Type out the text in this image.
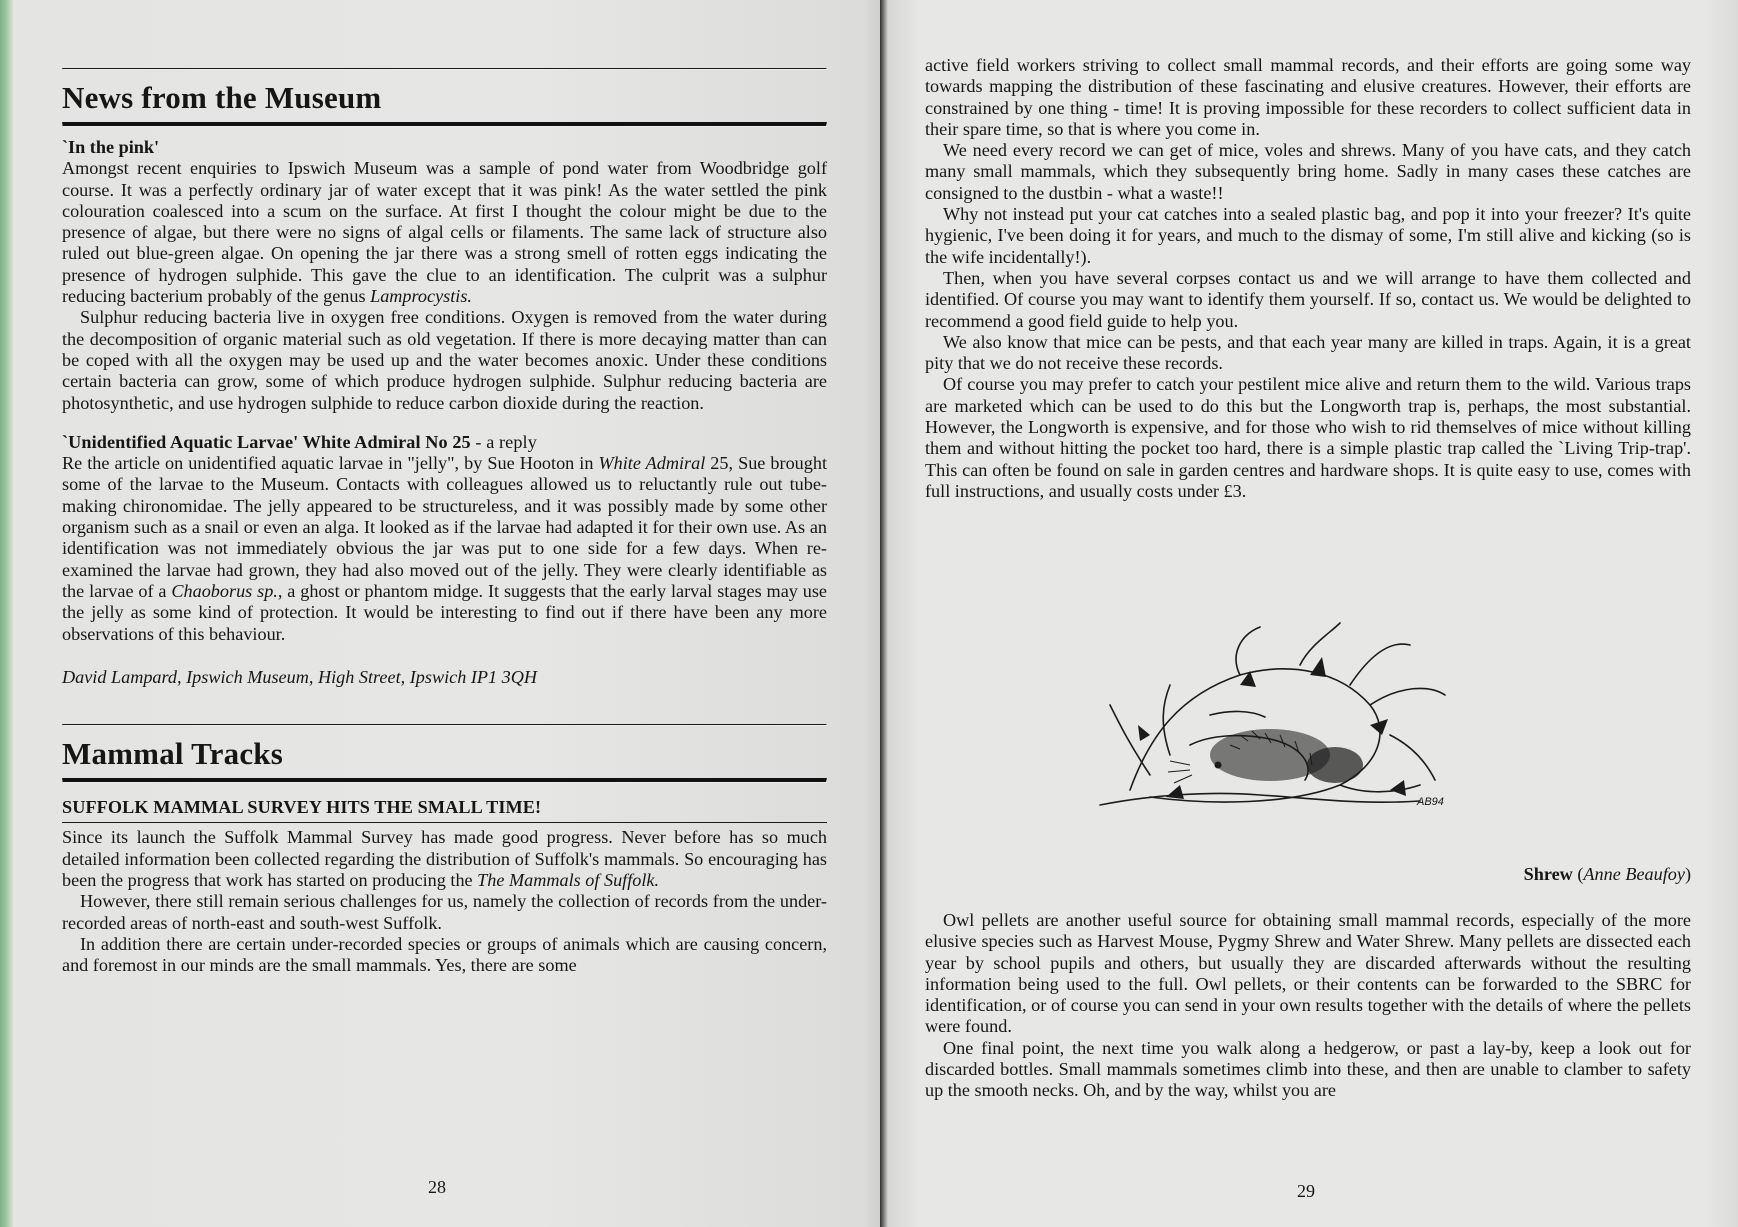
News from the Museum
`In the pink'

Amongst recent enquiries to Ipswich Museum was a sample of pond water from Woodbridge golf course. It was a perfectly ordinary jar of water except that it was pink! As the water settled the pink colouration coalesced into a scum on the surface. At first I thought the colour might be due to the presence of algae, but there were no signs of algal cells or filaments. The same lack of structure also ruled out blue-green algae. On opening the jar there was a strong smell of rotten eggs indicating the presence of hydrogen sulphide. This gave the clue to an identification. The culprit was a sulphur reducing bacterium probably of the genus Lamprocystis.

Sulphur reducing bacteria live in oxygen free conditions. Oxygen is removed from the water during the decomposition of organic material such as old vegetation. If there is more decaying matter than can be coped with all the oxygen may be used up and the water becomes anoxic. Under these conditions certain bacteria can grow, some of which produce hydrogen sulphide. Sulphur reducing bacteria are photosynthetic, and use hydrogen sulphide to reduce carbon dioxide during the reaction.

`Unidentified Aquatic Larvae' White Admiral No 25 - a reply

Re the article on unidentified aquatic larvae in "jelly", by Sue Hooton in White Admiral 25, Sue brought some of the larvae to the Museum. Contacts with colleagues allowed us to reluctantly rule out tube-making chironomidae. The jelly appeared to be structureless, and it was possibly made by some other organism such as a snail or even an alga. It looked as if the larvae had adapted it for their own use. As an identification was not immediately obvious the jar was put to one side for a few days. When re-examined the larvae had grown, they had also moved out of the jelly. They were clearly identifiable as the larvae of a Chaoborus sp., a ghost or phantom midge. It suggests that the early larval stages may use the jelly as some kind of protection. It would be interesting to find out if there have been any more observations of this behaviour.

David Lampard, Ipswich Museum, High Street, Ipswich IP1 3QH

Mammal Tracks
SUFFOLK MAMMAL SURVEY HITS THE SMALL TIME!

Since its launch the Suffolk Mammal Survey has made good progress. Never before has so much detailed information been collected regarding the distribution of Suffolk's mammals. So encouraging has been the progress that work has started on producing the The Mammals of Suffolk.

However, there still remain serious challenges for us, namely the collection of records from the under-recorded areas of north-east and south-west Suffolk.

In addition there are certain under-recorded species or groups of animals which are causing concern, and foremost in our minds are the small mammals. Yes, there are some

28

active field workers striving to collect small mammal records, and their efforts are going some way towards mapping the distribution of these fascinating and elusive creatures. However, their efforts are constrained by one thing - time! It is proving impossible for these recorders to collect sufficient data in their spare time, so that is where you come in.

We need every record we can get of mice, voles and shrews. Many of you have cats, and they catch many small mammals, which they subsequently bring home. Sadly in many cases these catches are consigned to the dustbin - what a waste!!

Why not instead put your cat catches into a sealed plastic bag, and pop it into your freezer? It's quite hygienic, I've been doing it for years, and much to the dismay of some, I'm still alive and kicking (so is the wife incidentally!).

Then, when you have several corpses contact us and we will arrange to have them collected and identified. Of course you may want to identify them yourself. If so, contact us. We would be delighted to recommend a good field guide to help you.

We also know that mice can be pests, and that each year many are killed in traps. Again, it is a great pity that we do not receive these records.

Of course you may prefer to catch your pestilent mice alive and return them to the wild. Various traps are marketed which can be used to do this but the Longworth trap is, perhaps, the most substantial. However, the Longworth is expensive, and for those who wish to rid themselves of mice without killing them and without hitting the pocket too hard, there is a simple plastic trap called the `Living Trip-trap'. This can often be found on sale in garden centres and hardware shops. It is quite easy to use, comes with full instructions, and usually costs under £3.

AB94
Shrew (Anne Beaufoy)

Owl pellets are another useful source for obtaining small mammal records, especially of the more elusive species such as Harvest Mouse, Pygmy Shrew and Water Shrew. Many pellets are dissected each year by school pupils and others, but usually they are discarded afterwards without the resulting information being used to the full. Owl pellets, or their contents can be forwarded to the SBRC for identification, or of course you can send in your own results together with the details of where the pellets were found.

One final point, the next time you walk along a hedgerow, or past a lay-by, keep a look out for discarded bottles. Small mammals sometimes climb into these, and then are unable to clamber to safety up the smooth necks. Oh, and by the way, whilst you are

29
